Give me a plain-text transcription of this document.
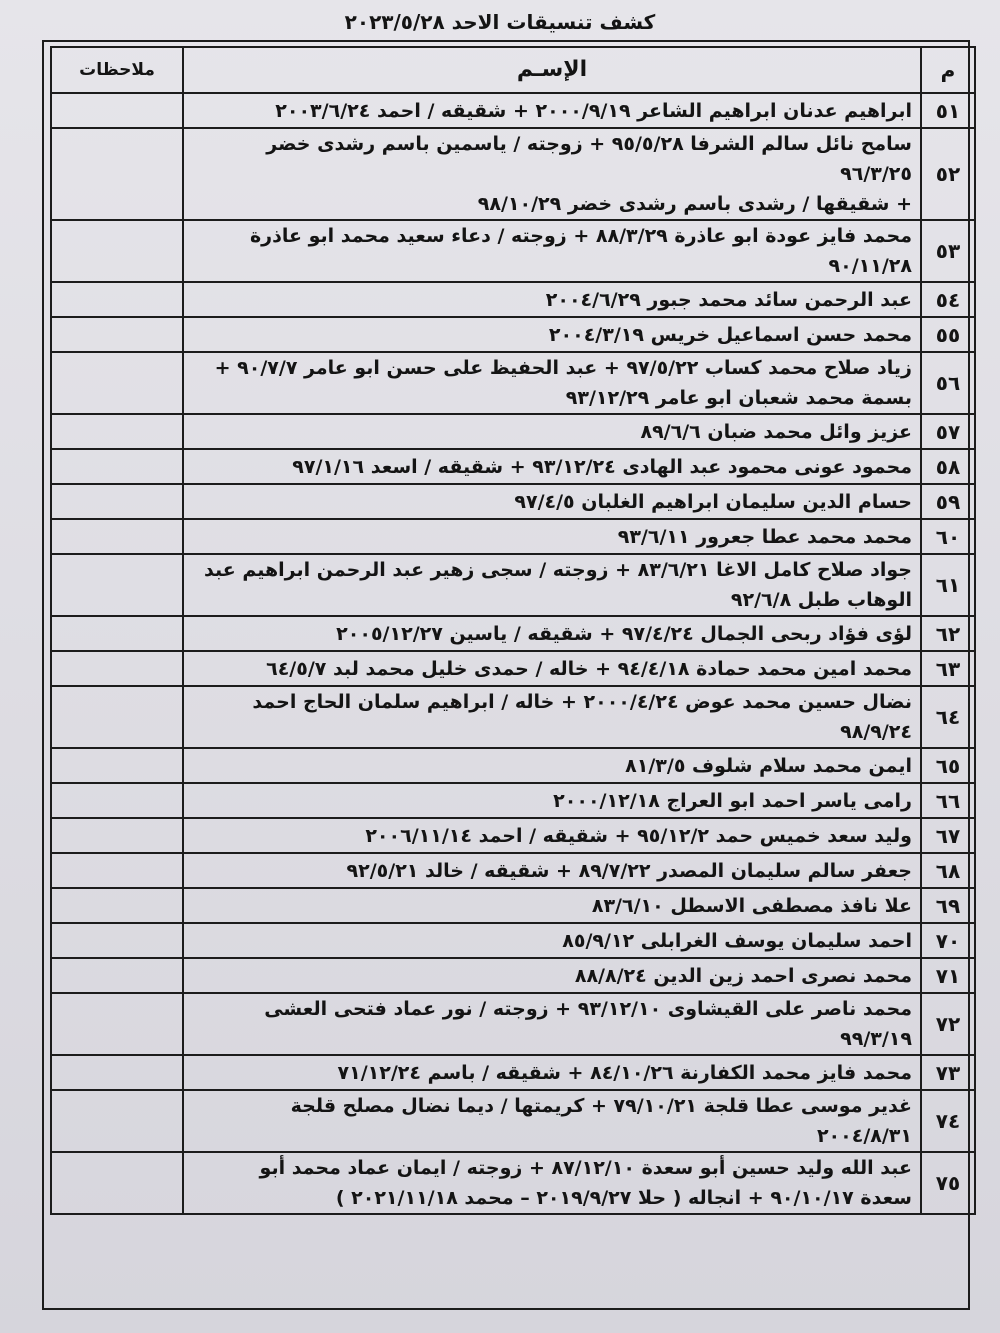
كشف تنسيقات الاحد ٢٠٢٣/٥/٢٨
م	الإسـم	ملاحظات
٥١	ابراهيم عدنان ابراهيم الشاعر ٢٠٠٠/٩/١٩ + شقيقه / احمد ٢٠٠٣/٦/٢٤	

٥٢	سامح نائل سالم الشرفا ٩٥/٥/٢٨ + زوجته / ياسمين باسم رشدى خضر ٩٦/٣/٢٥
+ شقيقها / رشدى باسم رشدى خضر ٩٨/١٠/٢٩	

٥٣	محمد فايز عودة ابو عاذرة ٨٨/٣/٢٩ + زوجته / دعاء سعيد محمد ابو عاذرة
٩٠/١١/٢٨	

٥٤	عبد الرحمن سائد محمد جبور ٢٠٠٤/٦/٢٩	

٥٥	محمد حسن اسماعيل خريس ٢٠٠٤/٣/١٩	

٥٦	زياد صلاح محمد كساب ٩٧/٥/٢٢ + عبد الحفيظ على حسن ابو عامر ٩٠/٧/٧ +
بسمة محمد شعبان ابو عامر ٩٣/١٢/٢٩	

٥٧	عزيز وائل محمد ضبان ٨٩/٦/٦	

٥٨	محمود عونى محمود عبد الهادى ٩٣/١٢/٢٤ + شقيقه / اسعد ٩٧/١/١٦	

٥٩	حسام الدين سليمان ابراهيم الغلبان ٩٧/٤/٥	

٦٠	محمد محمد عطا جعرور ٩٣/٦/١١	

٦١	جواد صلاح كامل الاغا ٨٣/٦/٢١ + زوجته / سجى زهير عبد الرحمن ابراهيم عبد
الوهاب طبل ٩٢/٦/٨	

٦٢	لؤى فؤاد ربحى الجمال ٩٧/٤/٢٤ + شقيقه / ياسين ٢٠٠٥/١٢/٢٧	

٦٣	محمد امين محمد حمادة ٩٤/٤/١٨ + خاله / حمدى خليل محمد لبد ٦٤/٥/٧	

٦٤	نضال حسين محمد عوض ٢٠٠٠/٤/٢٤ + خاله / ابراهيم سلمان الحاج احمد
٩٨/٩/٢٤	

٦٥	ايمن محمد سلام شلوف ٨١/٣/٥	

٦٦	رامى ياسر احمد ابو العراج ٢٠٠٠/١٢/١٨	

٦٧	وليد سعد خميس حمد ٩٥/١٢/٢ + شقيقه / احمد ٢٠٠٦/١١/١٤	

٦٨	جعفر سالم سليمان المصدر ٨٩/٧/٢٢ + شقيقه / خالد ٩٢/٥/٢١	

٦٩	علا نافذ مصطفى الاسطل ٨٣/٦/١٠	

٧٠	احمد سليمان يوسف الغرابلى ٨٥/٩/١٢	

٧١	محمد نصرى احمد زين الدين ٨٨/٨/٢٤	

٧٢	محمد ناصر على القيشاوى ٩٣/١٢/١٠ + زوجته / نور عماد فتحى العشى
٩٩/٣/١٩	

٧٣	محمد فايز محمد الكفارنة ٨٤/١٠/٢٦ + شقيقه / باسم ٧١/١٢/٢٤	

٧٤	غدير موسى عطا قلجة ٧٩/١٠/٢١ + كريمتها / ديما نضال مصلح قلجة
٢٠٠٤/٨/٣١	

٧٥	عبد الله وليد حسين أبو سعدة ٨٧/١٢/١٠ + زوجته / ايمان عماد محمد أبو
سعدة ٩٠/١٠/١٧ + انجاله ( حلا ٢٠١٩/٩/٢٧ – محمد ٢٠٢١/١١/١٨ )	
